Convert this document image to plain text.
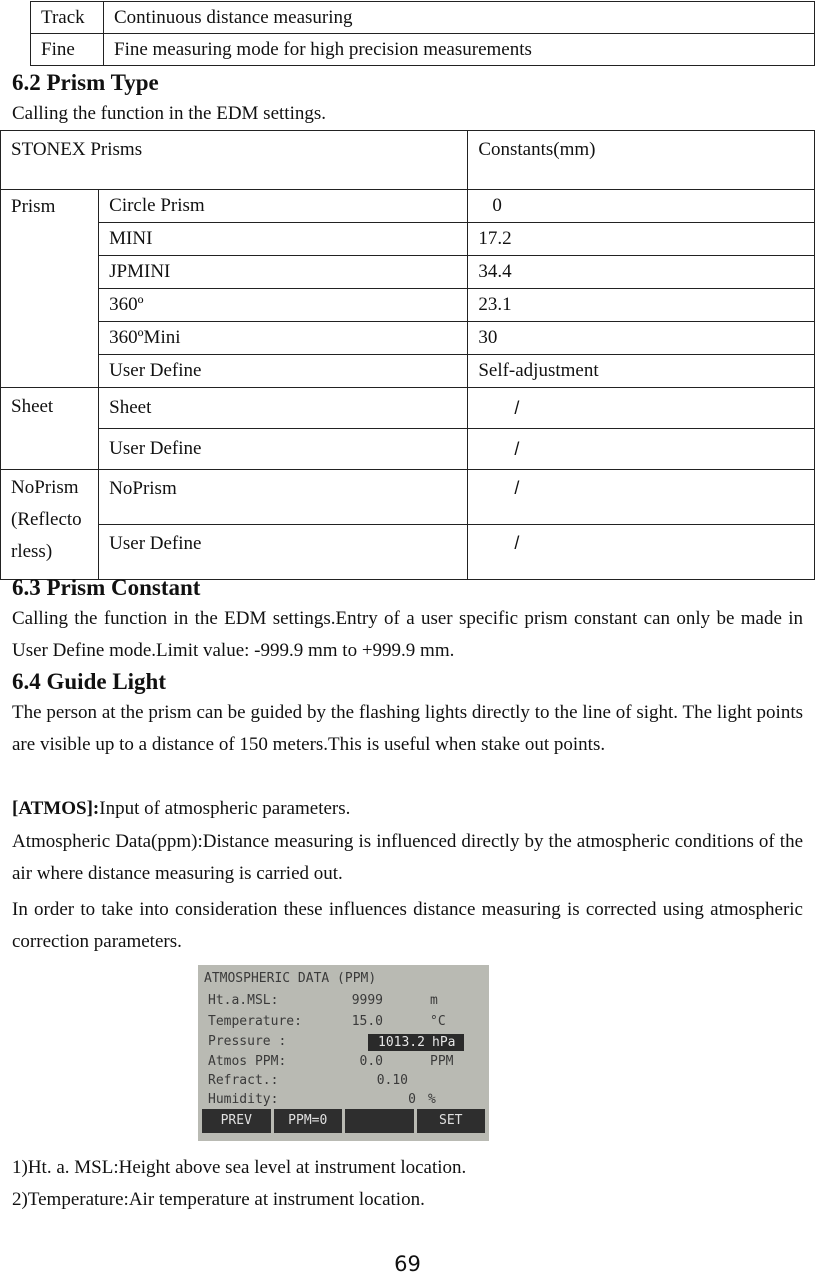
Track	Continuous distance measuring
Fine	Fine measuring mode for high precision measurements
6.2 Prism Type
Calling the function in the EDM settings.
STONEX Prisms		Constants(mm)
Prism	Circle Prism	0
	MINI	17.2
	JPMINI	34.4
	360º	23.1
	360ºMini	30
	User Define	Self-adjustment
Sheet	Sheet	/
	User Define	/

NoPrism
(Reflecto
rless)	NoPrism	/
	User Define	/
6.3 Prism Constant
Calling the function in the EDM settings.Entry of a user specific prism constant can only be made in User Define mode.Limit value: -999.9 mm to +999.9 mm.
6.4 Guide Light
The person at the prism can be guided by the flashing lights directly to the line of sight. The light points are visible up to a distance of 150 meters.This is useful when stake out points.
[ATMOS]:Input of atmospheric parameters.
Atmospheric Data(ppm):Distance measuring is influenced directly by the atmospheric conditions of the air where distance measuring is carried out.
In order to take into consideration these influences distance measuring is corrected using atmospheric correction parameters.
ATMOSPHERIC DATA (PPM)
Ht.a.MSL:	9999	m
Temperature:	15.0	°C
Pressure :	1013.2 hPa
Atmos PPM:	0.0	PPM
Refract.:	0.10
Humidity:	0 %
PREV	PPM=0	SET
1)Ht. a. MSL:Height above sea level at instrument location.
2)Temperature:Air temperature at instrument location.
69
